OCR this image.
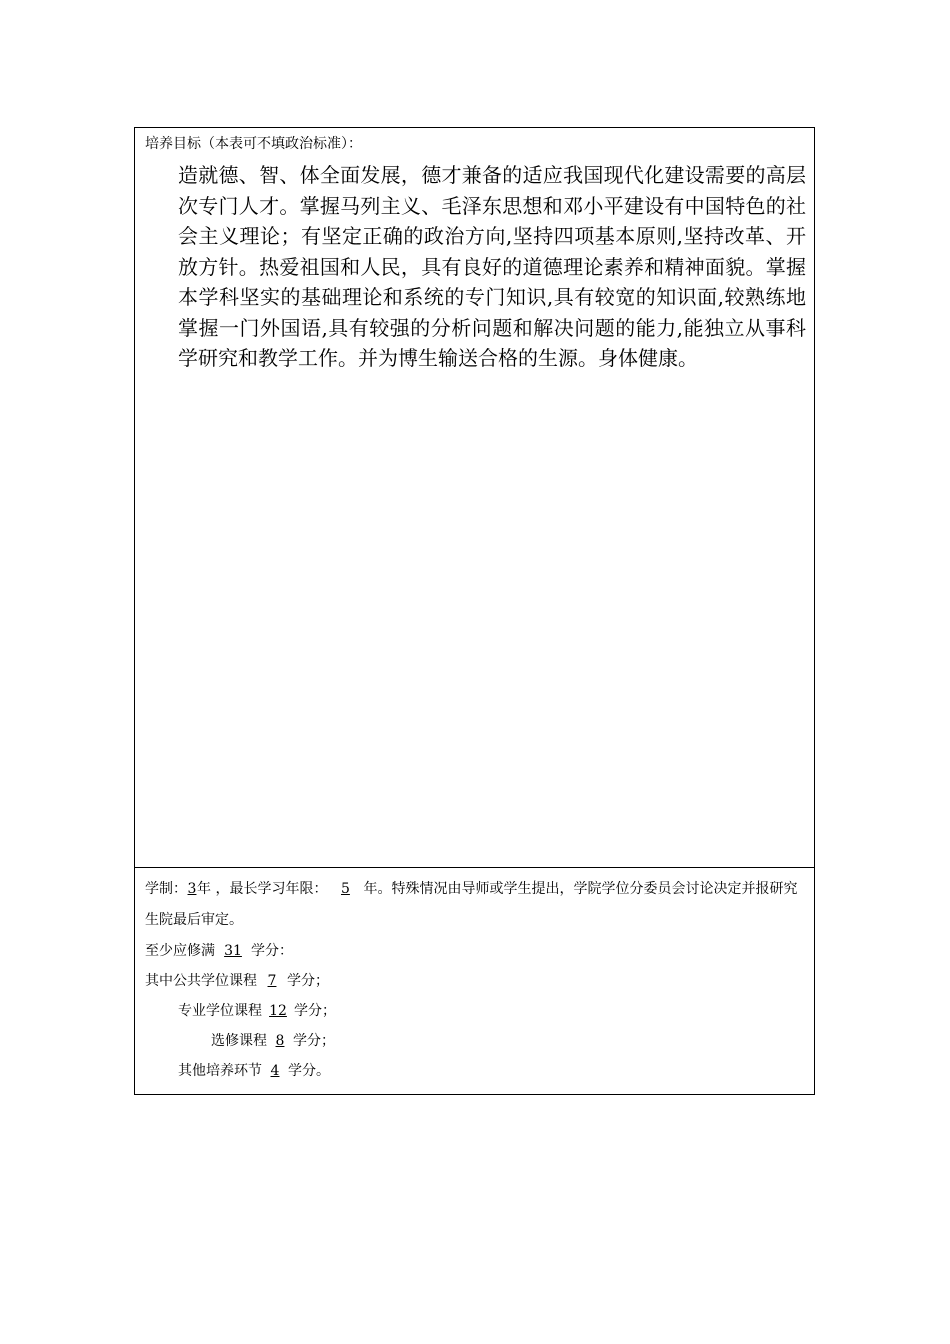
培养目标（本表可不填政治标准）：

造就德、智、体全面发展，德才兼备的适应我国现代化建设需要的高层次专门人才。掌握马列主义、毛泽东思想和邓小平建设有中国特色的社会主义理论；有坚定正确的政治方向,坚持四项基本原则,坚持改革、开放方针。热爱祖国和人民，具有良好的道德理论素养和精神面貌。掌握本学科坚实的基础理论和系统的专门知识,具有较宽的知识面,较熟练地掌握一门外国语,具有较强的分析问题和解决问题的能力,能独立从事科学研究和教学工作。并为博生输送合格的生源。身体健康。

学制：3年 ，最长学习年限： 5 年。特殊情况由导师或学生提出，学院学位分委员会讨论决定并报研究生院最后审定。

至少应修满 31 学分：

其中公共学位课程 7 学分；

专业学位课程 12 学分；

选修课程 8 学分；

其他培养环节 4 学分。
